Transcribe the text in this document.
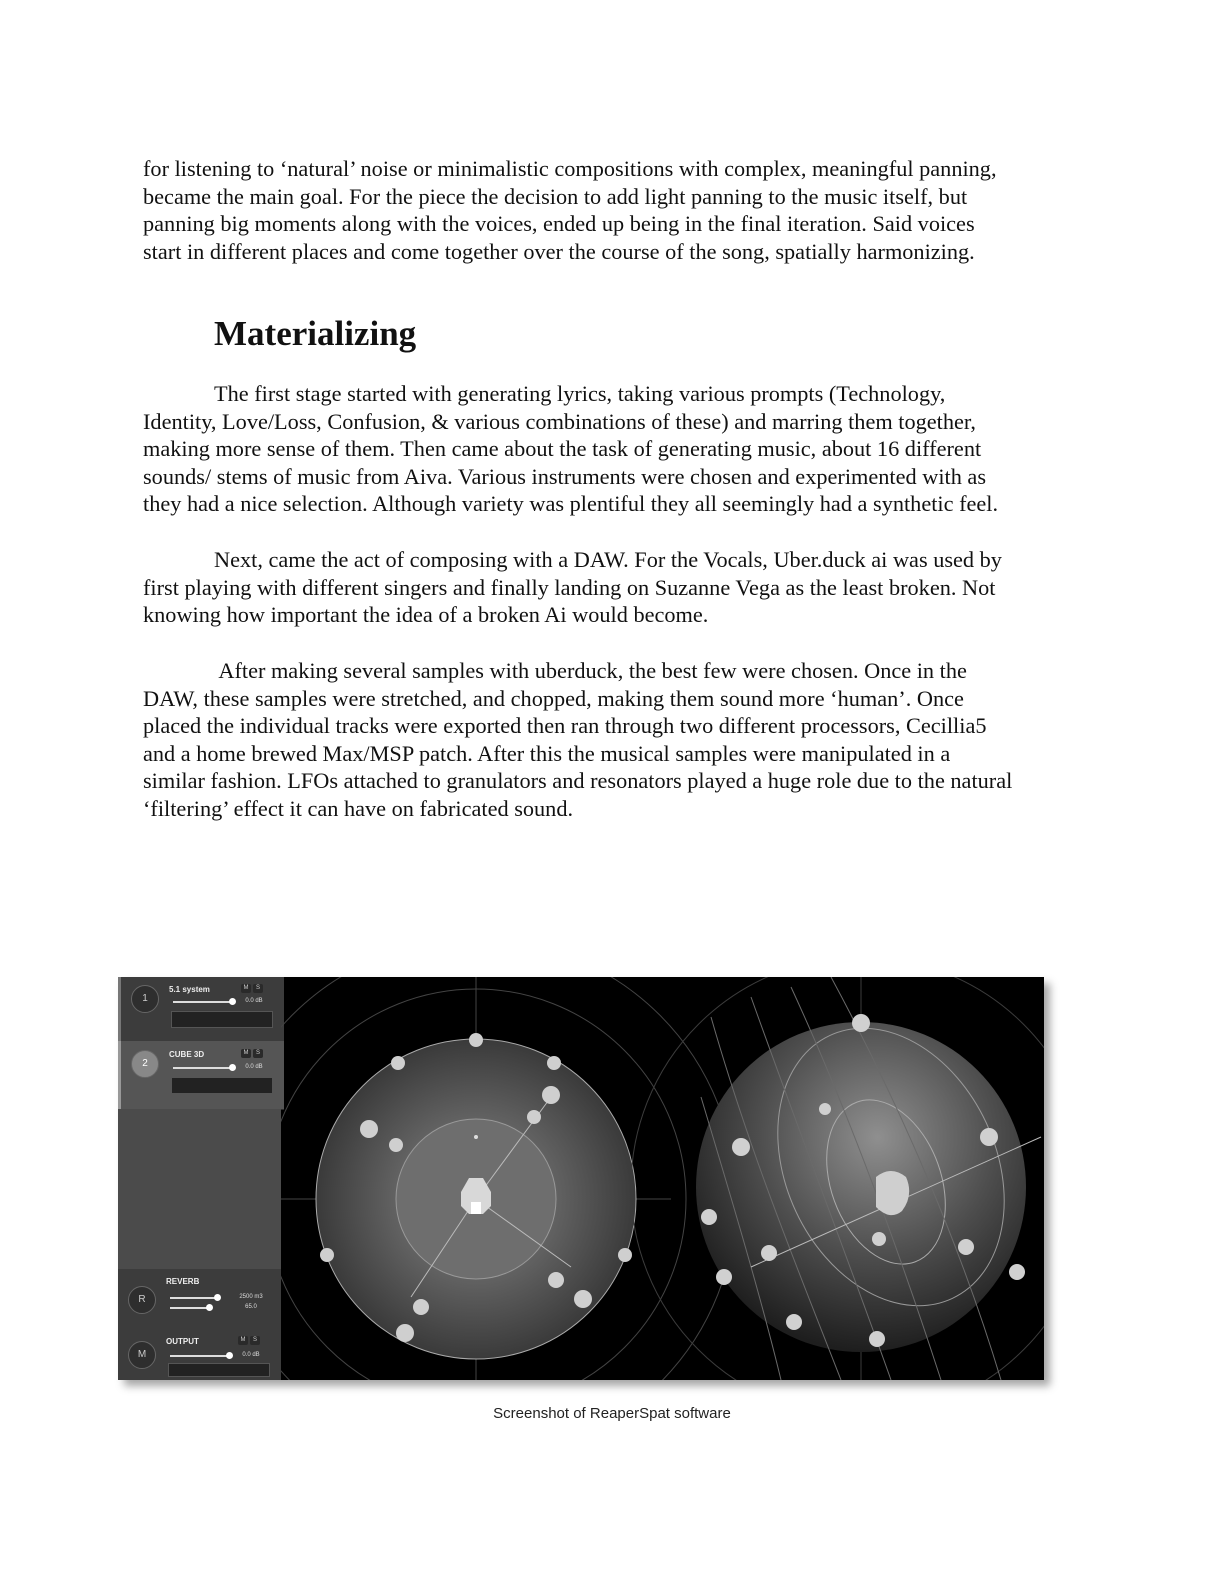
for listening to ‘natural’ noise or minimalistic compositions with complex, meaningful panning,
became the main goal. For the piece the decision to add light panning to the music itself, but
panning big moments along with the voices, ended up being in the final iteration. Said voices
start in different places and come together over the course of the song, spatially harmonizing.

Materializing

The first stage started with generating lyrics, taking various prompts (Technology,
Identity, Love/Loss, Confusion, & various combinations of these) and marring them together,
making more sense of them. Then came about the task of generating music, about 16 different
sounds/ stems of music from Aiva. Various instruments were chosen and experimented with as
they had a nice selection. Although variety was plentiful they all seemingly had a synthetic feel.

Next, came the act of composing with a DAW. For the Vocals, Uber.duck ai was used by
first playing with different singers and finally landing on Suzanne Vega as the least broken. Not
knowing how important the idea of a broken Ai would become.

After making several samples with uberduck, the best few were chosen. Once in the
DAW, these samples were stretched, and chopped, making them sound more ‘human’. Once
placed the individual tracks were exported then ran through two different processors, Cecillia5
and a home brewed Max/MSP patch. After this the musical samples were manipulated in a
similar fashion. LFOs attached to granulators and resonators played a huge role due to the natural
‘filtering’ effect it can have on fabricated sound.

1
5.1 system	M S
0.0 dB
2
CUBE 3D	M S
0.0 dB
R
REVERB
2500 m3
65.0
M
OUTPUT	M S
0.0 dB
Screenshot of ReaperSpat software
